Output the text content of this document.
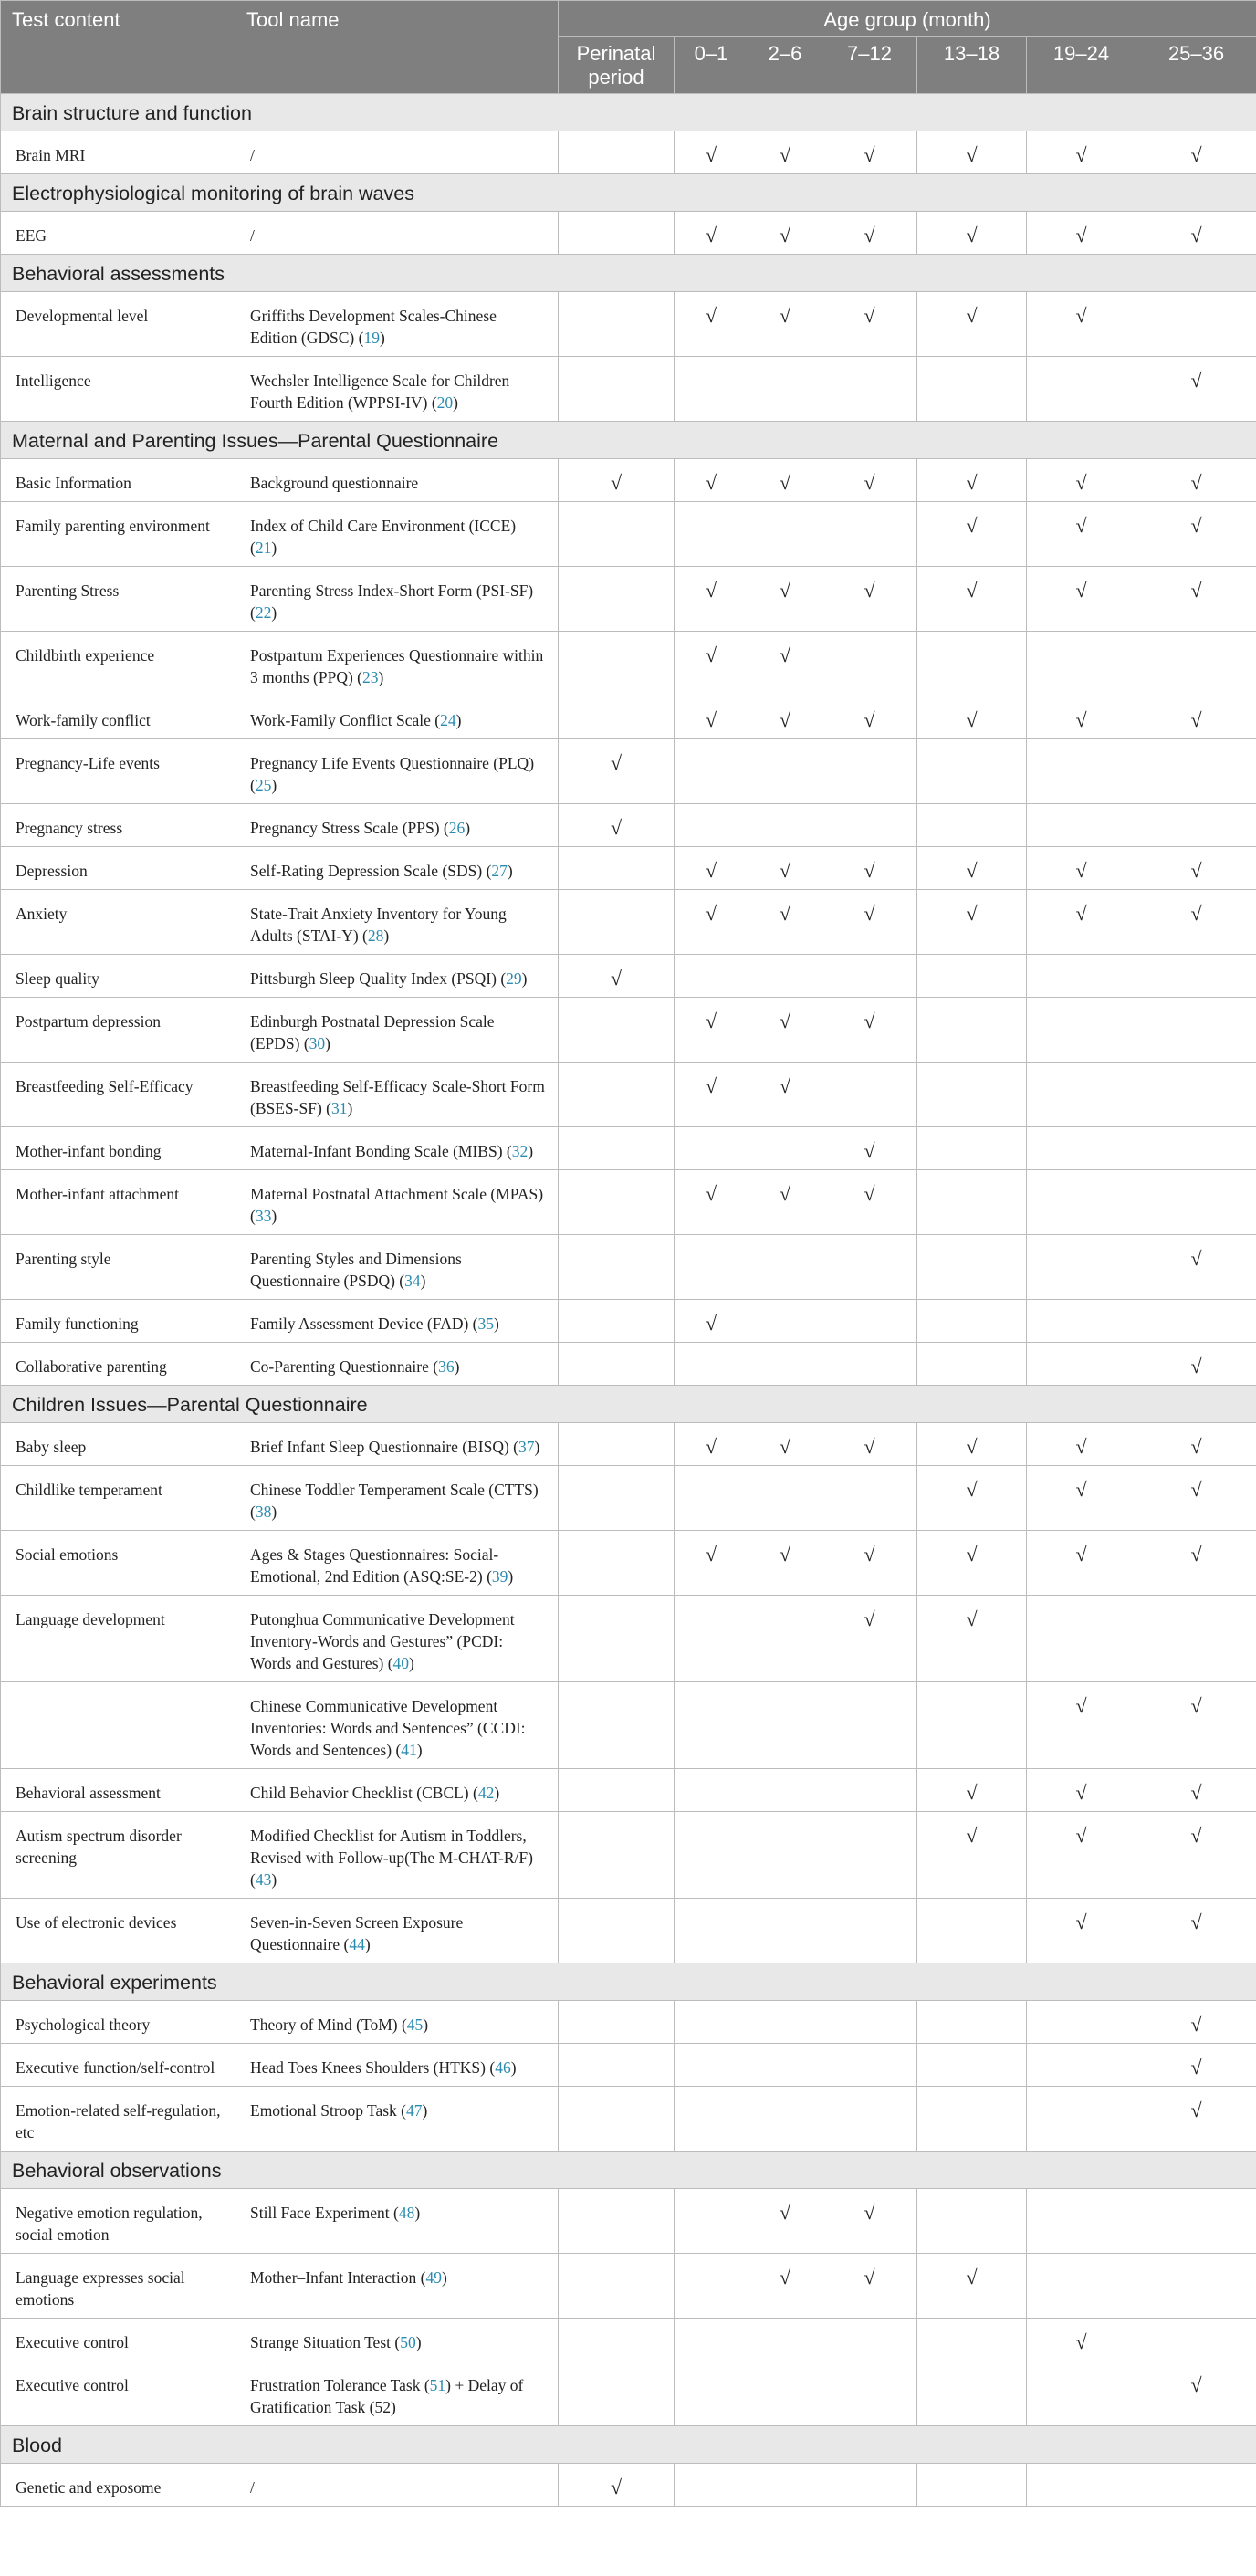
Test content	Tool name	Age group (month)						
		Perinatal period	0–1	2–6	7–12	13–18	19–24	25–36
Brain structure and function								
Brain MRI	/		√	√	√	√	√	√
Electrophysiological monitoring of brain waves								
EEG	/		√	√	√	√	√	√
Behavioral assessments								
Developmental level	Griffiths Development Scales-Chinese Edition (GDSC) (19)		√	√	√	√	√	
Intelligence	Wechsler Intelligence Scale for Children—Fourth Edition (WPPSI-IV) (20)							√
Maternal and Parenting Issues—Parental Questionnaire								
Basic Information	Background questionnaire	√	√	√	√	√	√	√
Family parenting environment	Index of Child Care Environment (ICCE) (21)					√	√	√
Parenting Stress	Parenting Stress Index-Short Form (PSI-SF) (22)		√	√	√	√	√	√
Childbirth experience	Postpartum Experiences Questionnaire within 3 months (PPQ) (23)		√	√				
Work-family conflict	Work-Family Conflict Scale (24)		√	√	√	√	√	√
Pregnancy-Life events	Pregnancy Life Events Questionnaire (PLQ) (25)	√						
Pregnancy stress	Pregnancy Stress Scale (PPS) (26)	√						
Depression	Self-Rating Depression Scale (SDS) (27)		√	√	√	√	√	√
Anxiety	State-Trait Anxiety Inventory for Young Adults (STAI-Y) (28)		√	√	√	√	√	√
Sleep quality	Pittsburgh Sleep Quality Index (PSQI) (29)	√						
Postpartum depression	Edinburgh Postnatal Depression Scale (EPDS) (30)		√	√	√			
Breastfeeding Self-Efficacy	Breastfeeding Self-Efficacy Scale-Short Form (BSES-SF) (31)		√	√				
Mother-infant bonding	Maternal-Infant Bonding Scale (MIBS) (32)				√			
Mother-infant attachment	Maternal Postnatal Attachment Scale (MPAS) (33)		√	√	√			
Parenting style	Parenting Styles and Dimensions Questionnaire (PSDQ) (34)							√
Family functioning	Family Assessment Device (FAD) (35)		√					
Collaborative parenting	Co-Parenting Questionnaire (36)							√
Children Issues—Parental Questionnaire								
Baby sleep	Brief Infant Sleep Questionnaire (BISQ) (37)		√	√	√	√	√	√
Childlike temperament	Chinese Toddler Temperament Scale (CTTS) (38)					√	√	√
Social emotions	Ages & Stages Questionnaires: Social-Emotional, 2nd Edition (ASQ:SE-2) (39)		√	√	√	√	√	√
Language development	Putonghua Communicative Development Inventory-Words and Gestures” (PCDI: Words and Gestures) (40)				√	√		
	Chinese Communicative Development Inventories: Words and Sentences” (CCDI: Words and Sentences) (41)						√	√
Behavioral assessment	Child Behavior Checklist (CBCL) (42)					√	√	√
Autism spectrum disorder screening	Modified Checklist for Autism in Toddlers, Revised with Follow-up(The M-CHAT-R/F) (43)					√	√	√
Use of electronic devices	Seven-in-Seven Screen Exposure Questionnaire (44)						√	√
Behavioral experiments								
Psychological theory	Theory of Mind (ToM) (45)							√
Executive function/self-control	Head Toes Knees Shoulders (HTKS) (46)							√
Emotion-related self-regulation, etc	Emotional Stroop Task (47)							√
Behavioral observations								
Negative emotion regulation, social emotion	Still Face Experiment (48)			√	√			
Language expresses social emotions	Mother–Infant Interaction (49)			√	√	√		
Executive control	Strange Situation Test (50)						√	
Executive control	Frustration Tolerance Task (51) + Delay of Gratification Task (52)							√
Blood								
Genetic and exposome	/	√						
